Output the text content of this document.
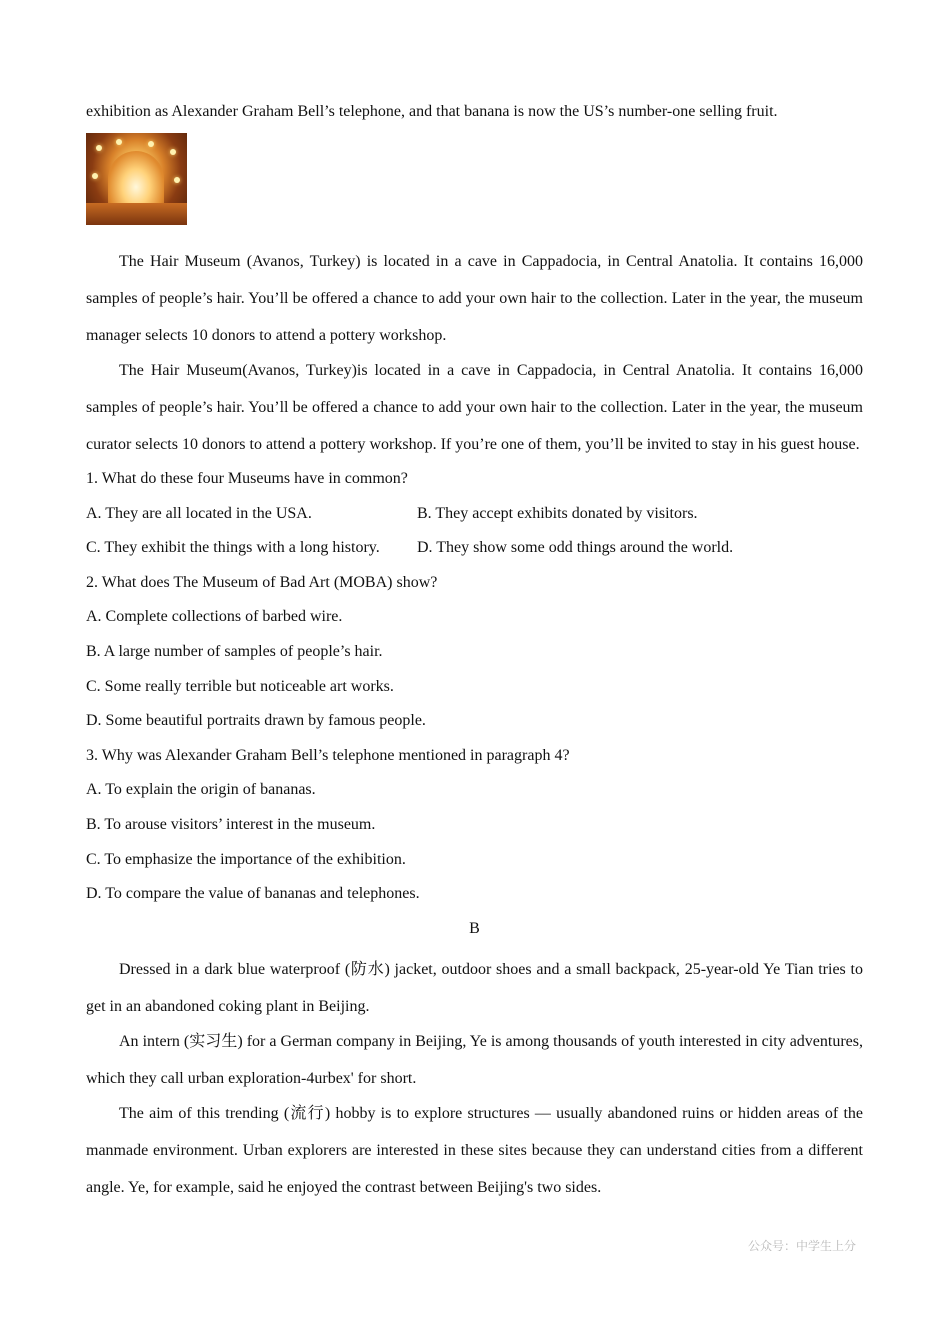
exhibition as Alexander Graham Bell’s telephone, and that banana is now the US’s number-one selling fruit.

The Hair Museum (Avanos, Turkey) is located in a cave in Cappadocia, in Central Anatolia. It contains 16,000 samples of people’s hair. You’ll be offered a chance to add your own hair to the collection. Later in the year, the museum manager selects 10 donors to attend a pottery workshop.

The Hair Museum(Avanos, Turkey)is located in a cave in Cappadocia, in Central Anatolia. It contains 16,000 samples of people’s hair. You’ll be offered a chance to add your own hair to the collection. Later in the year, the museum curator selects 10 donors to attend a pottery workshop. If you’re one of them, you’ll be invited to stay in his guest house.

1. What do these four Museums have in common?
A. They are all located in the USA.	B. They accept exhibits donated by visitors.
C. They exhibit the things with a long history.	D. They show some odd things around the world.
2. What does The Museum of Bad Art (MOBA) show?
A. Complete collections of barbed wire.
B. A large number of samples of people’s hair.
C. Some really terrible but noticeable art works.
D. Some beautiful portraits drawn by famous people.
3. Why was Alexander Graham Bell’s telephone mentioned in paragraph 4?
A. To explain the origin of bananas.
B. To arouse visitors’ interest in the museum.
C. To emphasize the importance of the exhibition.
D. To compare the value of bananas and telephones.
B

Dressed in a dark blue waterproof (防水) jacket, outdoor shoes and a small backpack, 25-year-old Ye Tian tries to get in an abandoned coking plant in Beijing.

An intern (实习生) for a German company in Beijing, Ye is among thousands of youth interested in city adventures, which they call urban exploration-4urbex' for short.

The aim of this trending (流行) hobby is to explore structures — usually abandoned ruins or hidden areas of the manmade environment. Urban explorers are interested in these sites because they can understand cities from a different angle. Ye, for example, said he enjoyed the contrast between Beijing's two sides.

公众号：中学生上分
